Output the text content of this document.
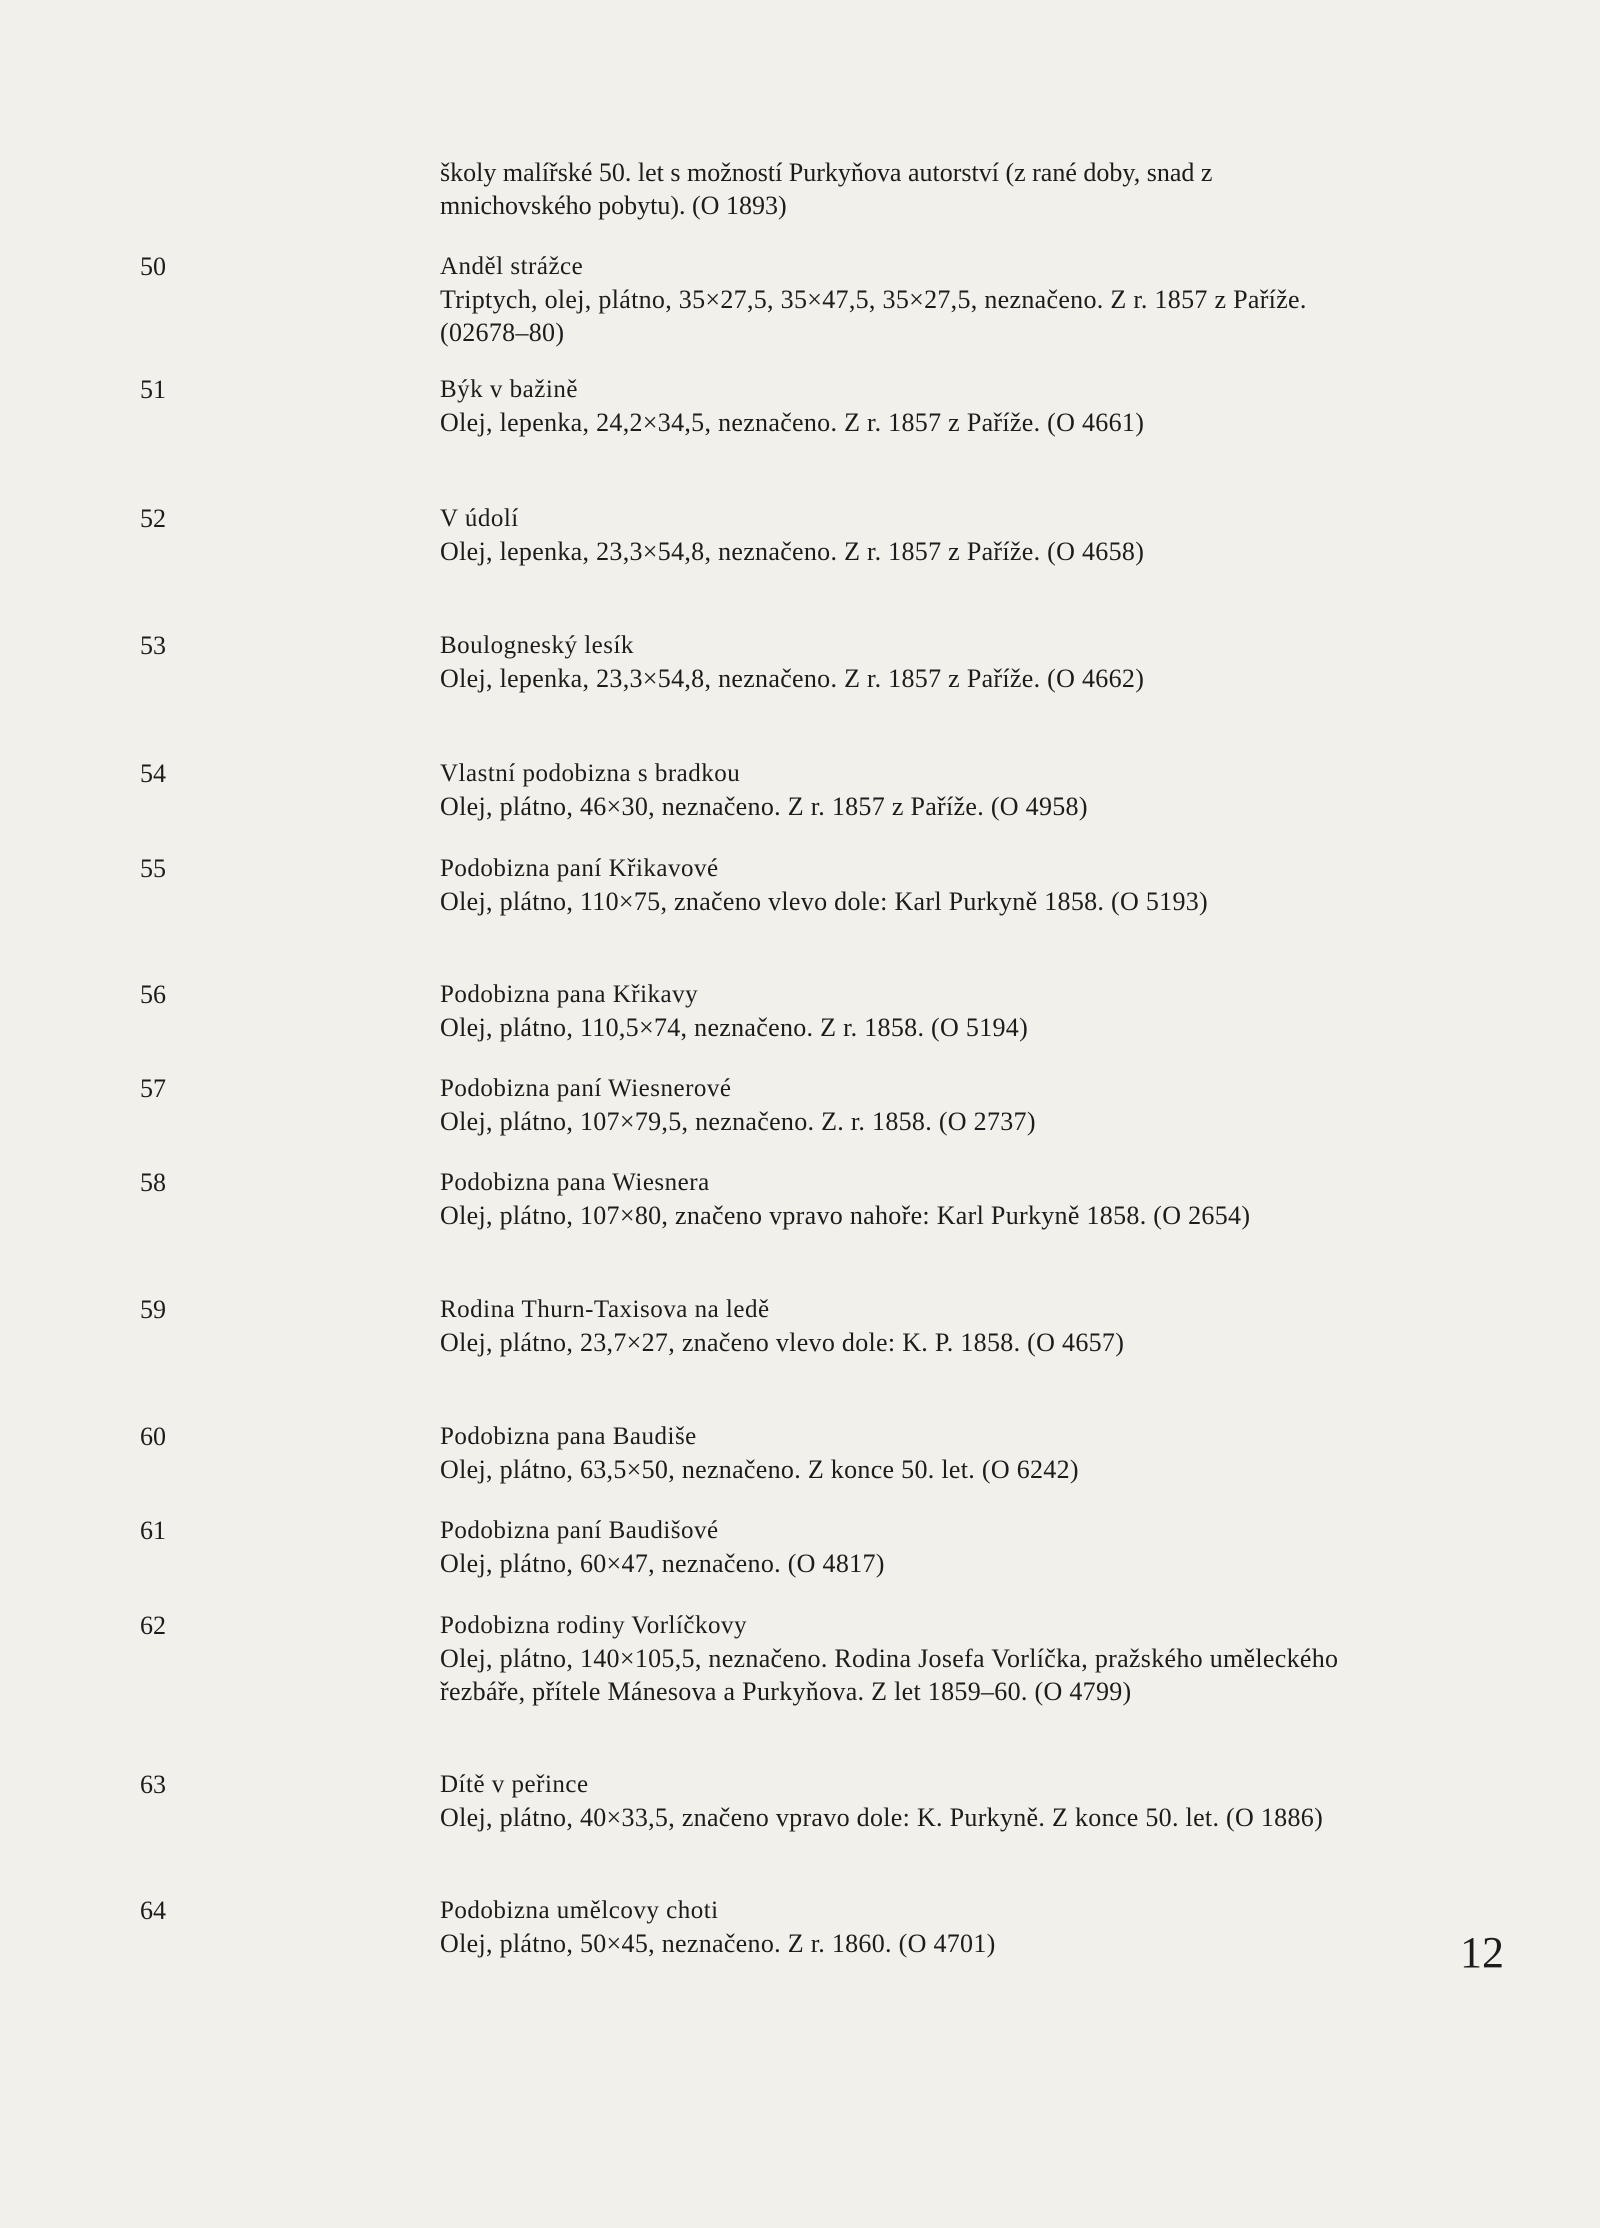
školy malířské 50. let s možností Purkyňova autorství (z rané doby, snad z mnichovského pobytu). (O 1893)
50	Anděl strážce
Triptych, olej, plátno, 35×27,5, 35×47,5, 35×27,5, neznačeno. Z r. 1857 z Paříže. (02678–80)
51	Býk v bažině
Olej, lepenka, 24,2×34,5, neznačeno. Z r. 1857 z Paříže. (O 4661)
52	V údolí
Olej, lepenka, 23,3×54,8, neznačeno. Z r. 1857 z Paříže. (O 4658)
53	Boulogneský lesík
Olej, lepenka, 23,3×54,8, neznačeno. Z r. 1857 z Paříže. (O 4662)
54	Vlastní podobizna s bradkou
Olej, plátno, 46×30, neznačeno. Z r. 1857 z Paříže. (O 4958)
55	Podobizna paní Křikavové
Olej, plátno, 110×75, značeno vlevo dole: Karl Purkyně 1858. (O 5193)
56	Podobizna pana Křikavy
Olej, plátno, 110,5×74, neznačeno. Z r. 1858. (O 5194)
57	Podobizna paní Wiesnerové
Olej, plátno, 107×79,5, neznačeno. Z. r. 1858. (O 2737)
58	Podobizna pana Wiesnera
Olej, plátno, 107×80, značeno vpravo nahoře: Karl Purkyně 1858. (O 2654)
59	Rodina Thurn-Taxisova na ledě
Olej, plátno, 23,7×27, značeno vlevo dole: K. P. 1858. (O 4657)
60	Podobizna pana Baudiše
Olej, plátno, 63,5×50, neznačeno. Z konce 50. let. (O 6242)
61	Podobizna paní Baudišové
Olej, plátno, 60×47, neznačeno. (O 4817)
62	Podobizna rodiny Vorlíčkovy
Olej, plátno, 140×105,5, neznačeno. Rodina Josefa Vorlíčka, pražského uměleckého řezbáře, přítele Mánesova a Purkyňova. Z let 1859–60. (O 4799)
63	Dítě v peřince
Olej, plátno, 40×33,5, značeno vpravo dole: K. Purkyně. Z konce 50. let. (O 1886)
64	Podobizna umělcovy choti
Olej, plátno, 50×45, neznačeno. Z r. 1860. (O 4701)	12
